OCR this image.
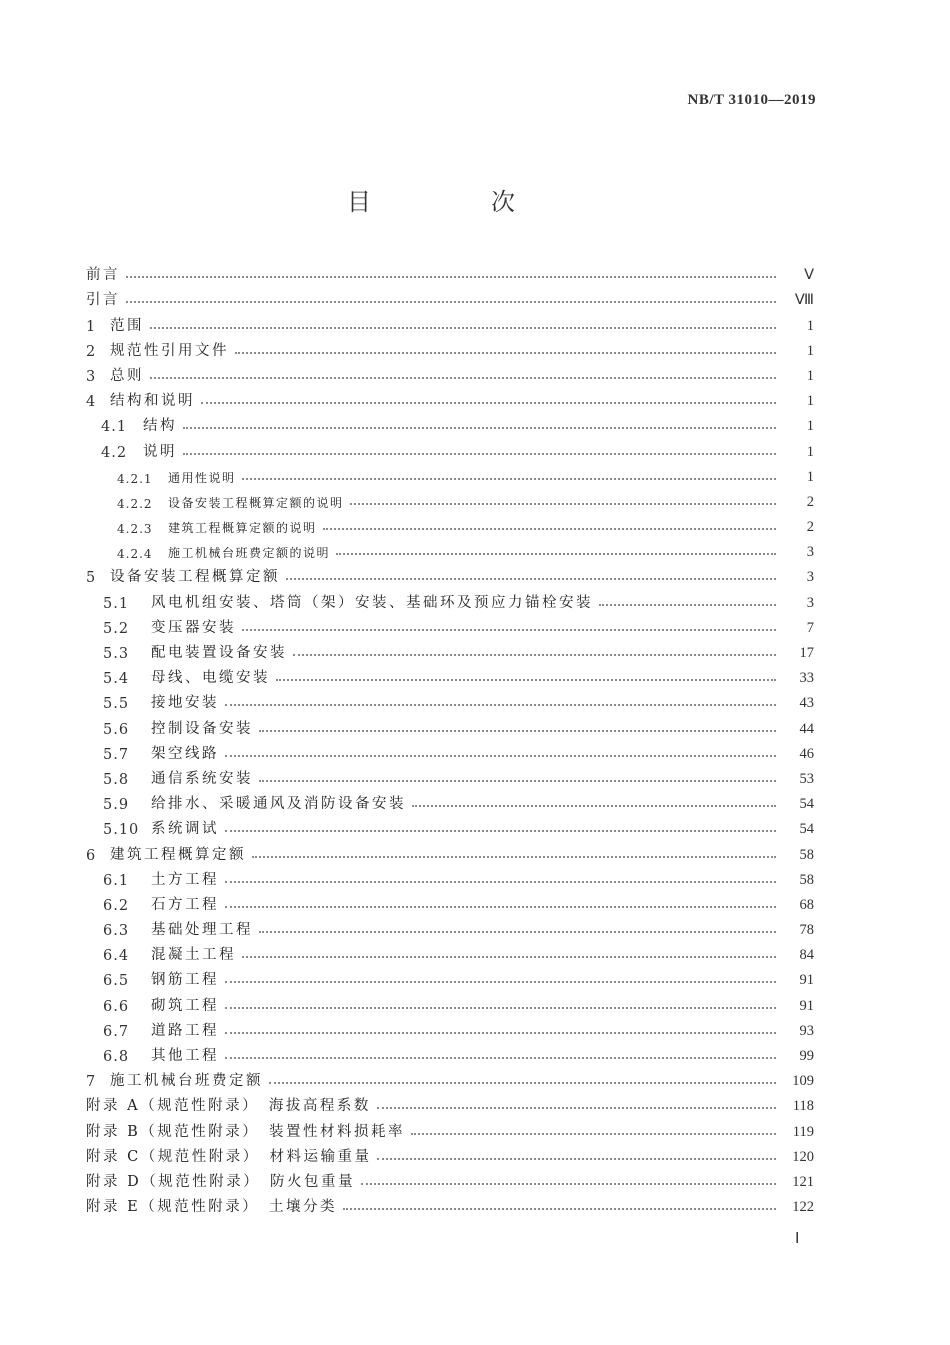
NB/T 31010—2019
目　次
前言	Ⅴ
引言	Ⅷ
1 范围	1
2 规范性引用文件	1
3 总则	1
4 结构和说明	1
4.1	结构	1
4.2	说明	1
4.2.1	通用性说明	1
4.2.2	设备安装工程概算定额的说明	2
4.2.3	建筑工程概算定额的说明	2
4.2.4	施工机械台班费定额的说明	3
5 设备安装工程概算定额	3
5.1	风电机组安装、塔筒（架）安装、基础环及预应力锚栓安装	3
5.2	变压器安装	7
5.3	配电装置设备安装	17
5.4	母线、电缆安装	33
5.5	接地安装	43
5.6	控制设备安装	44
5.7	架空线路	46
5.8	通信系统安装	53
5.9	给排水、采暖通风及消防设备安装	54
5.10 系统调试	54
6 建筑工程概算定额	58
6.1	土方工程	58
6.2	石方工程	68
6.3	基础处理工程	78
6.4	混凝土工程	84
6.5	钢筋工程	91
6.6	砌筑工程	91
6.7	道路工程	93
6.8	其他工程	99
7 施工机械台班费定额	109
附录 A（规范性附录）　海拔高程系数	118
附录 B（规范性附录）　装置性材料损耗率	119
附录 C（规范性附录）　材料运输重量	120
附录 D（规范性附录）　防火包重量	121
附录 E（规范性附录）　土壤分类	122
Ⅰ
